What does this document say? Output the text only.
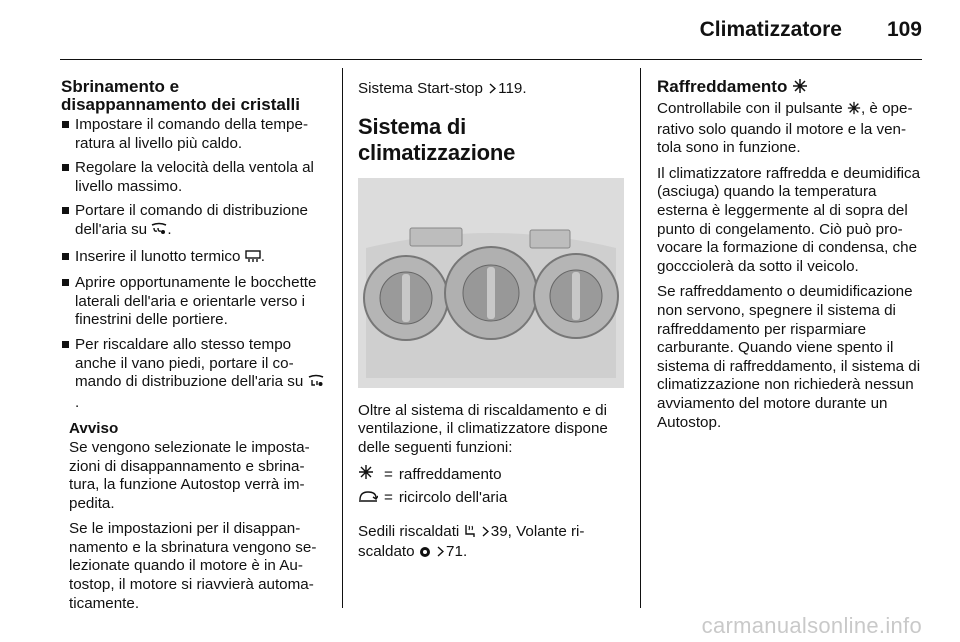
Climatizzatore 109
Sbrinamento e disappannamento dei cristalli
Impostare il comando della temperatura al livello più caldo.
Regolare la velocità della ventola al livello massimo.
Portare il comando di distribuzione dell'aria su .
Inserire il lunotto termico .
Aprire opportunamente le bocchette laterali dell'aria e orientarle verso i finestrini delle portiere.
Per riscaldare allo stesso tempo anche il vano piedi, portare il comando di distribuzione dell'aria su .
Avviso

Se vengono selezionate le impostazioni di disappannamento e sbrinatura, la funzione Autostop verrà impedita.

Se le impostazioni per il disappannamento e la sbrinatura vengono selezionate quando il motore è in Autostop, il motore si riavvierà automaticamente.

Sistema Start-stop 119.

Sistema di climatizzazione

Oltre al sistema di riscaldamento e di ventilazione, il climatizzatore dispone delle seguenti funzioni:

	=	raffreddamento
	=	ricircolo dell'aria

Sedili riscaldati 39, Volante riscaldato 71.

Raffreddamento

Controllabile con il pulsante , è operativo solo quando il motore e la ventola sono in funzione.

Il climatizzatore raffredda e deumidifica (asciuga) quando la temperatura esterna è leggermente al di sopra del punto di congelamento. Ciò può provocare la formazione di condensa, che goccciolerà da sotto il veicolo.

Se raffreddamento o deumidificazione non servono, spegnere il sistema di raffreddamento per risparmiare carburante. Quando viene spento il sistema di raffreddamento, il sistema di climatizzazione non richiederà nessun avviamento del motore durante un Autostop.

carmanualsonline.info
